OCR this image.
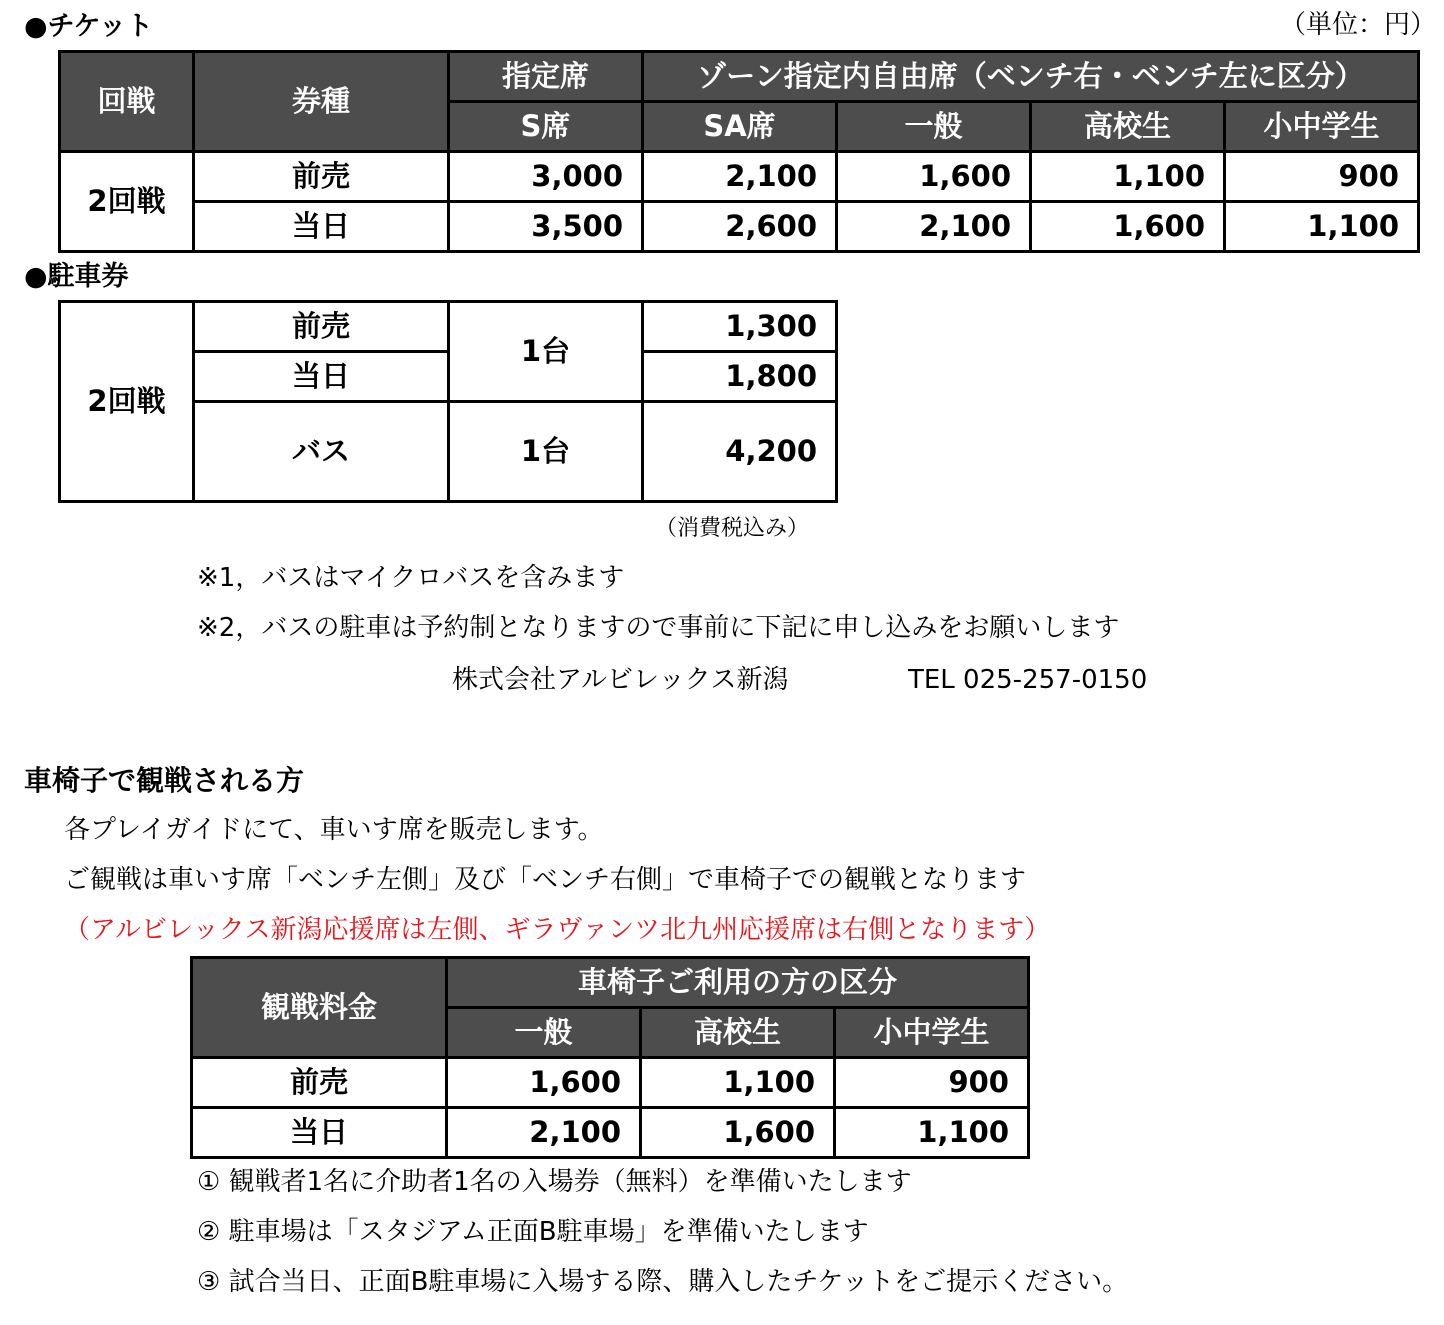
●チケット	（単位：円）
回戦	券種	指定席	ゾーン指定内自由席（ベンチ右・ベンチ左に区分）			
		S席	SA席	一般	高校生	小中学生
2回戦	前売	3,000	2,100	1,600	1,100	900
	当日	3,500	2,600	2,100	1,600	1,100
●駐車券
2回戦	前売	1台	1,300
	当日		1,800
	バス	1台	4,200
（消費税込み）
※1，バスはマイクロバスを含みます
※2，バスの駐車は予約制となりますので事前に下記に申し込みをお願いします
株式会社アルビレックス新潟	TEL 025-257-0150
車椅子で観戦される方
各プレイガイドにて、車いす席を販売します。
ご観戦は車いす席「ベンチ左側」及び「ベンチ右側」で車椅子での観戦となります
（アルビレックス新潟応援席は左側、ギラヴァンツ北九州応援席は右側となります）
観戦料金	車椅子ご利用の方の区分		
	一般	高校生	小中学生
前売	1,600	1,100	900
当日	2,100	1,600	1,100
① 観戦者1名に介助者1名の入場券（無料）を準備いたします
② 駐車場は「スタジアム正面B駐車場」を準備いたします
③ 試合当日、正面B駐車場に入場する際、購入したチケットをご提示ください。
